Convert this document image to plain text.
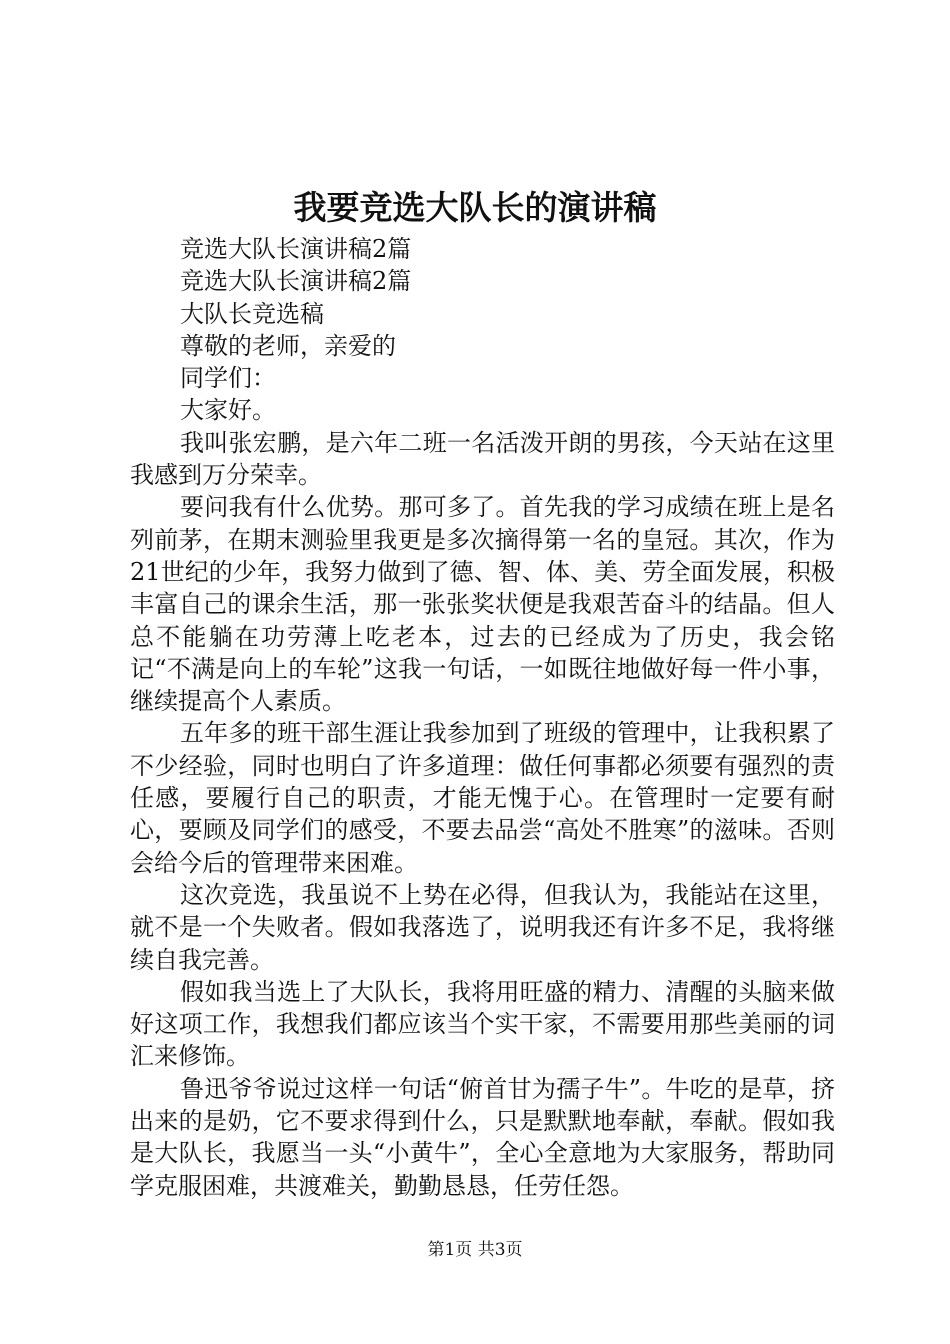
我要竞选大队长的演讲稿

竞选大队长演讲稿2篇

竞选大队长演讲稿2篇

大队长竞选稿

尊敬的老师，亲爱的

同学们：

大家好。

我叫张宏鹏，是六年二班一名活泼开朗的男孩，今天站在这里我感到万分荣幸。

要问我有什么优势。那可多了。首先我的学习成绩在班上是名列前茅，在期末测验里我更是多次摘得第一名的皇冠。其次，作为21世纪的少年，我努力做到了德、智、体、美、劳全面发展，积极丰富自己的课余生活，那一张张奖状便是我艰苦奋斗的结晶。但人总不能躺在功劳薄上吃老本，过去的已经成为了历史，我会铭记“不满是向上的车轮”这我一句话，一如既往地做好每一件小事，继续提高个人素质。

五年多的班干部生涯让我参加到了班级的管理中，让我积累了不少经验，同时也明白了许多道理：做任何事都必须要有强烈的责任感，要履行自己的职责，才能无愧于心。在管理时一定要有耐心，要顾及同学们的感受，不要去品尝“高处不胜寒”的滋味。否则会给今后的管理带来困难。

这次竞选，我虽说不上势在必得，但我认为，我能站在这里，就不是一个失败者。假如我落选了，说明我还有许多不足，我将继续自我完善。

假如我当选上了大队长，我将用旺盛的精力、清醒的头脑来做好这项工作，我想我们都应该当个实干家，不需要用那些美丽的词汇来修饰。

鲁迅爷爷说过这样一句话“俯首甘为孺子牛”。牛吃的是草，挤出来的是奶，它不要求得到什么，只是默默地奉献，奉献。假如我是大队长，我愿当一头“小黄牛”，全心全意地为大家服务，帮助同学克服困难，共渡难关，勤勤恳恳，任劳任怨。

第1页 共3页
